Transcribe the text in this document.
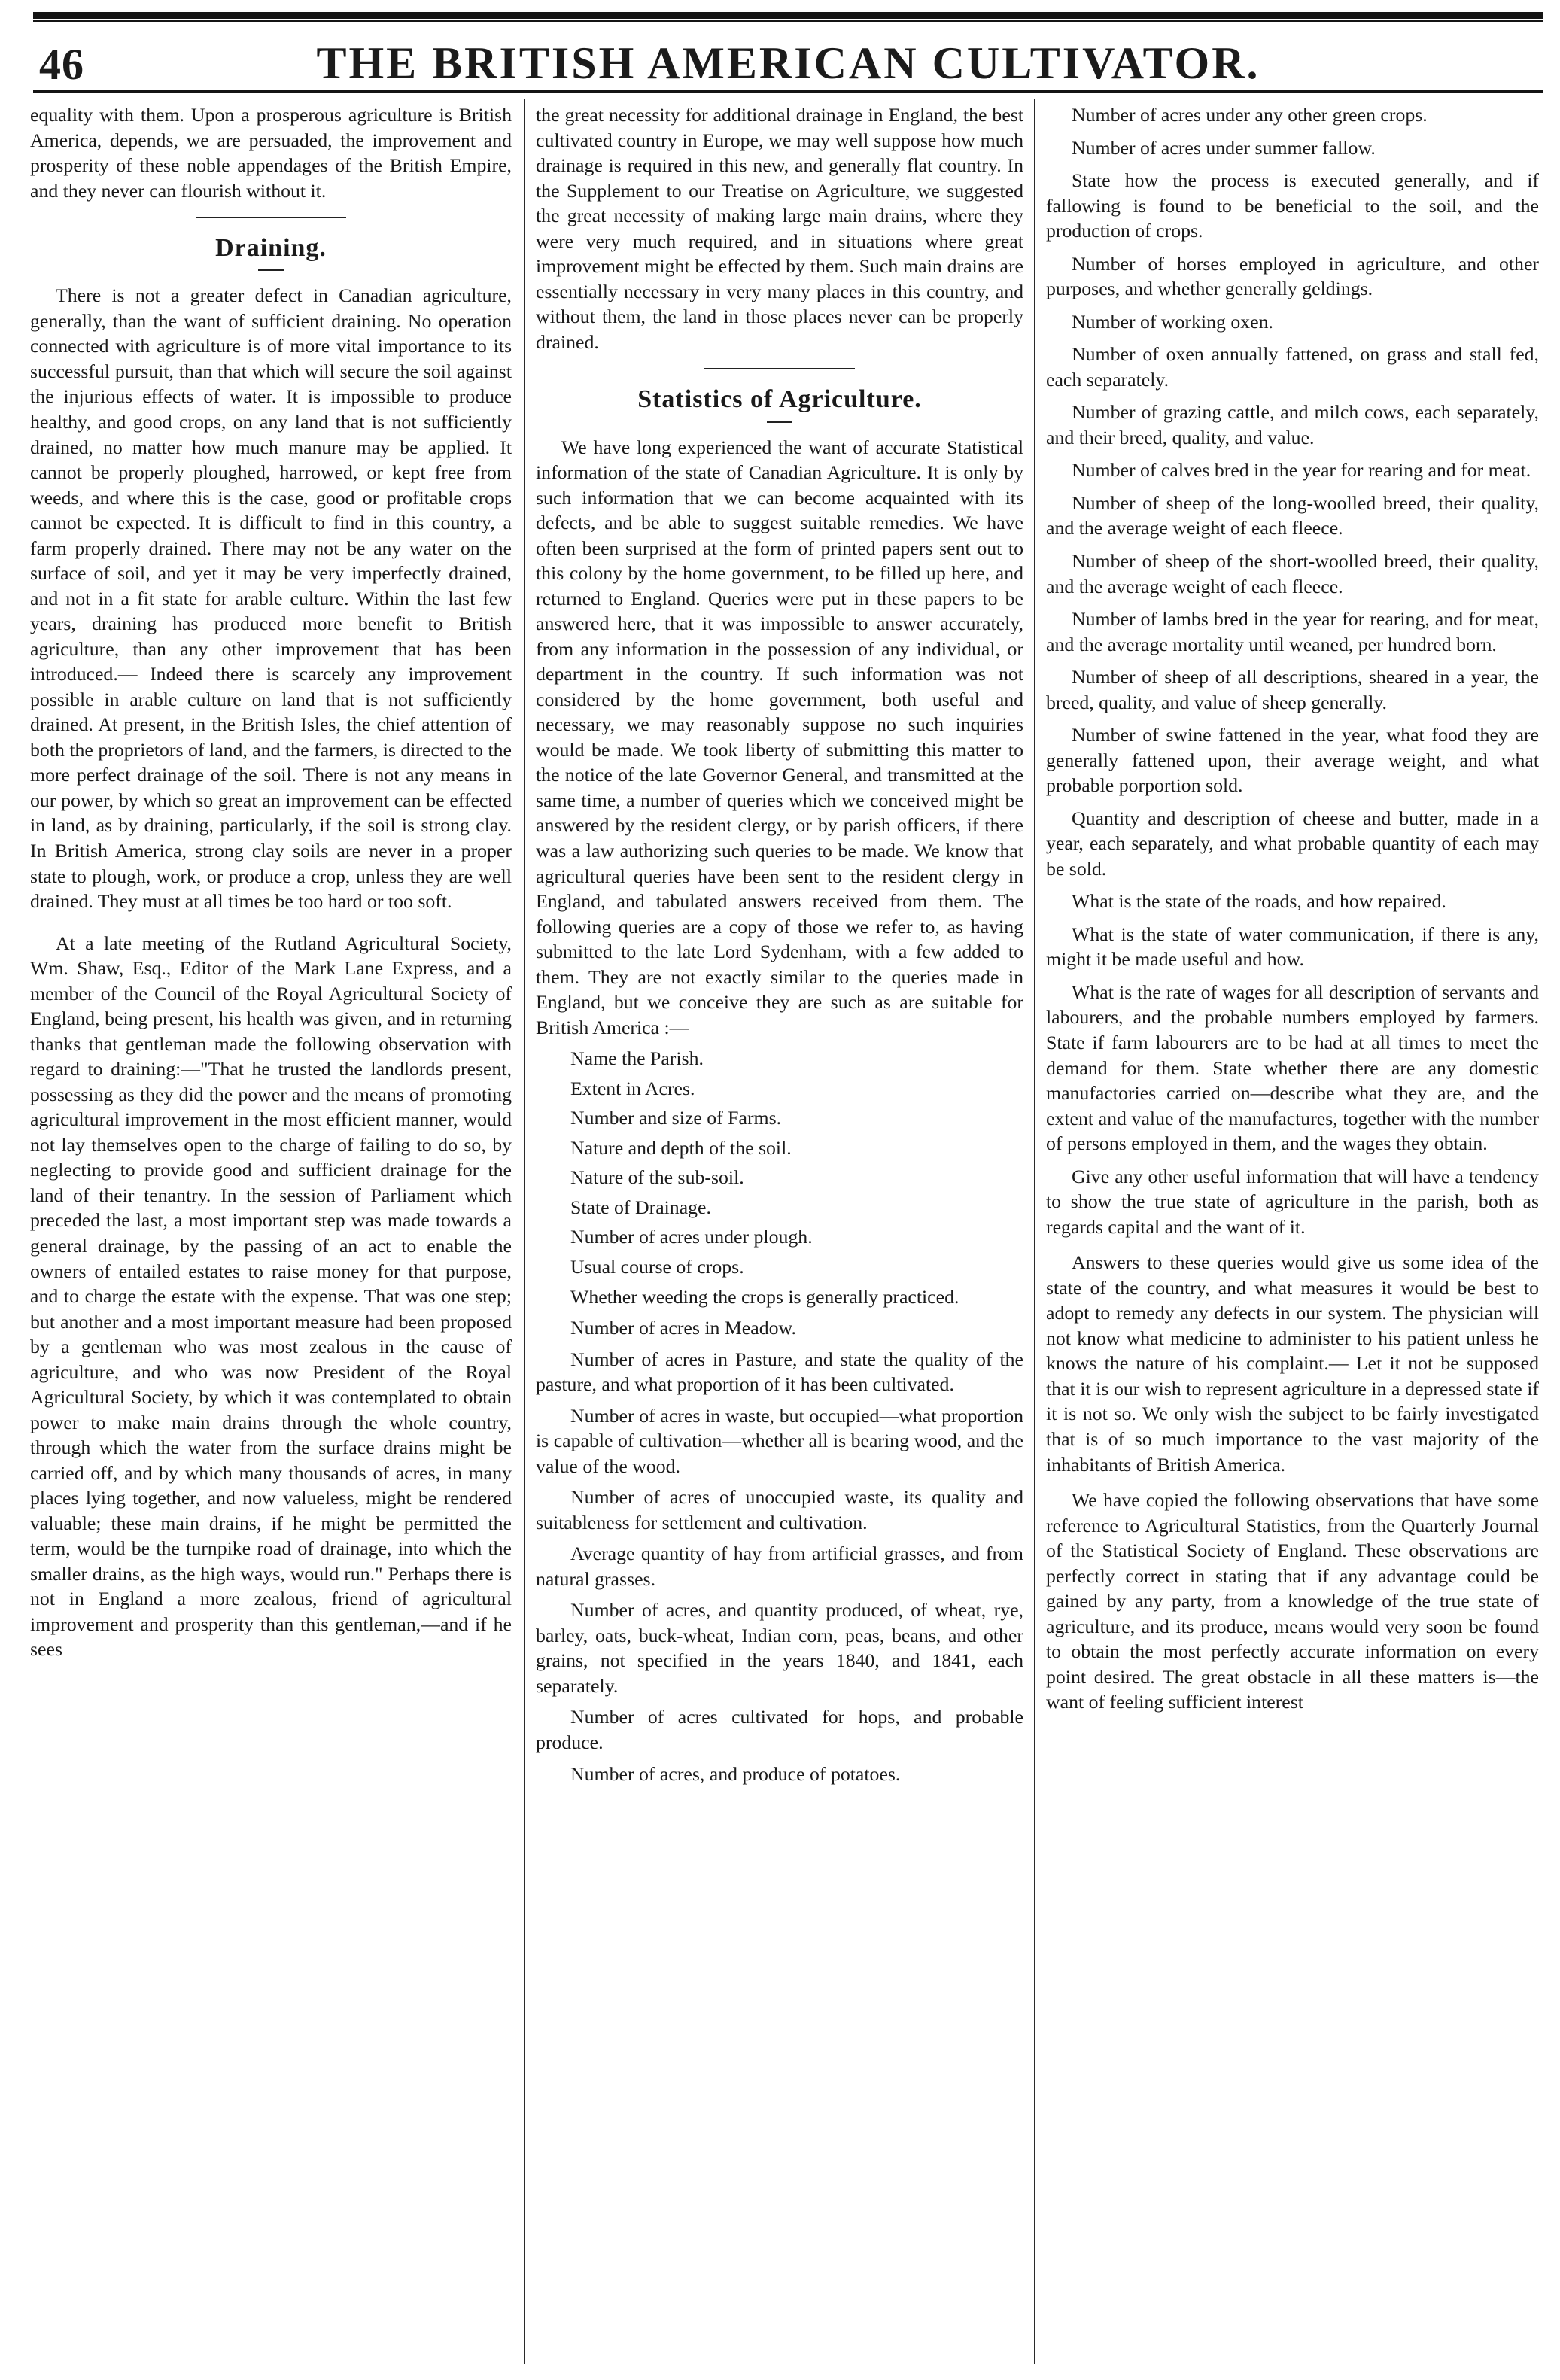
46	THE BRITISH AMERICAN CULTIVATOR.

equality with them. Upon a prosperous agriculture is British America, depends, we are persuaded, the improvement and prosperity of these noble appendages of the British Empire, and they never can flourish without it.

Draining.

There is not a greater defect in Canadian agriculture, generally, than the want of sufficient draining. No operation connected with agriculture is of more vital importance to its successful pursuit, than that which will secure the soil against the injurious effects of water. It is impossible to produce healthy, and good crops, on any land that is not sufficiently drained, no matter how much manure may be applied. It cannot be properly ploughed, harrowed, or kept free from weeds, and where this is the case, good or profitable crops cannot be expected. It is difficult to find in this country, a farm properly drained. There may not be any water on the surface of soil, and yet it may be very imperfectly drained, and not in a fit state for arable culture. Within the last few years, draining has produced more benefit to British agriculture, than any other improvement that has been introduced.— Indeed there is scarcely any improvement possible in arable culture on land that is not sufficiently drained. At present, in the British Isles, the chief attention of both the proprietors of land, and the farmers, is directed to the more perfect drainage of the soil. There is not any means in our power, by which so great an improvement can be effected in land, as by draining, particularly, if the soil is strong clay. In British America, strong clay soils are never in a proper state to plough, work, or produce a crop, unless they are well drained. They must at all times be too hard or too soft.

At a late meeting of the Rutland Agricultural Society, Wm. Shaw, Esq., Editor of the Mark Lane Express, and a member of the Council of the Royal Agricultural Society of England, being present, his health was given, and in returning thanks that gentleman made the following observation with regard to draining:—"That he trusted the landlords present, possessing as they did the power and the means of promoting agricultural improvement in the most efficient manner, would not lay themselves open to the charge of failing to do so, by neglecting to provide good and sufficient drainage for the land of their tenantry. In the session of Parliament which preceded the last, a most important step was made towards a general drainage, by the passing of an act to enable the owners of entailed estates to raise money for that purpose, and to charge the estate with the expense. That was one step; but another and a most important measure had been proposed by a gentleman who was most zealous in the cause of agriculture, and who was now President of the Royal Agricultural Society, by which it was contemplated to obtain power to make main drains through the whole country, through which the water from the surface drains might be carried off, and by which many thousands of acres, in many places lying together, and now valueless, might be rendered valuable; these main drains, if he might be permitted the term, would be the turnpike road of drainage, into which the smaller drains, as the high ways, would run." Perhaps there is not in England a more zealous, friend of agricultural improvement and prosperity than this gentleman,—and if he sees

the great necessity for additional drainage in England, the best cultivated country in Europe, we may well suppose how much drainage is required in this new, and generally flat country. In the Supplement to our Treatise on Agriculture, we suggested the great necessity of making large main drains, where they were very much required, and in situations where great improvement might be effected by them. Such main drains are essentially necessary in very many places in this country, and without them, the land in those places never can be properly drained.

Statistics of Agriculture.

We have long experienced the want of accurate Statistical information of the state of Canadian Agriculture. It is only by such information that we can become acquainted with its defects, and be able to suggest suitable remedies. We have often been surprised at the form of printed papers sent out to this colony by the home government, to be filled up here, and returned to England. Queries were put in these papers to be answered here, that it was impossible to answer accurately, from any information in the possession of any individual, or department in the country. If such information was not considered by the home government, both useful and necessary, we may reasonably suppose no such inquiries would be made. We took liberty of submitting this matter to the notice of the late Governor General, and transmitted at the same time, a number of queries which we conceived might be answered by the resident clergy, or by parish officers, if there was a law authorizing such queries to be made. We know that agricultural queries have been sent to the resident clergy in England, and tabulated answers received from them. The following queries are a copy of those we refer to, as having submitted to the late Lord Sydenham, with a few added to them. They are not exactly similar to the queries made in England, but we conceive they are such as are suitable for British America :—

Name the Parish.
Extent in Acres.
Number and size of Farms.
Nature and depth of the soil.
Nature of the sub-soil.
State of Drainage.
Number of acres under plough.
Usual course of crops.
Whether weeding the crops is generally practiced.
Number of acres in Meadow.
Number of acres in Pasture, and state the quality of the pasture, and what proportion of it has been cultivated.
Number of acres in waste, but occupied—what proportion is capable of cultivation—whether all is bearing wood, and the value of the wood.
Number of acres of unoccupied waste, its quality and suitableness for settlement and cultivation.
Average quantity of hay from artificial grasses, and from natural grasses.
Number of acres, and quantity produced, of wheat, rye, barley, oats, buck-wheat, Indian corn, peas, beans, and other grains, not specified in the years 1840, and 1841, each separately.
Number of acres cultivated for hops, and probable produce.
Number of acres, and produce of potatoes.
Number of acres under any other green crops.
Number of acres under summer fallow.
State how the process is executed generally, and if fallowing is found to be beneficial to the soil, and the production of crops.
Number of horses employed in agriculture, and other purposes, and whether generally geldings.
Number of working oxen.
Number of oxen annually fattened, on grass and stall fed, each separately.
Number of grazing cattle, and milch cows, each separately, and their breed, quality, and value.
Number of calves bred in the year for rearing and for meat.
Number of sheep of the long-woolled breed, their quality, and the average weight of each fleece.
Number of sheep of the short-woolled breed, their quality, and the average weight of each fleece.
Number of lambs bred in the year for rearing, and for meat, and the average mortality until weaned, per hundred born.
Number of sheep of all descriptions, sheared in a year, the breed, quality, and value of sheep generally.
Number of swine fattened in the year, what food they are generally fattened upon, their average weight, and what probable porportion sold.
Quantity and description of cheese and butter, made in a year, each separately, and what probable quantity of each may be sold.
What is the state of the roads, and how repaired.
What is the state of water communication, if there is any, might it be made useful and how.
What is the rate of wages for all description of servants and labourers, and the probable numbers employed by farmers. State if farm labourers are to be had at all times to meet the demand for them. State whether there are any domestic manufactories carried on—describe what they are, and the extent and value of the manufactures, together with the number of persons employed in them, and the wages they obtain.
Give any other useful information that will have a tendency to show the true state of agriculture in the parish, both as regards capital and the want of it.

Answers to these queries would give us some idea of the state of the country, and what measures it would be best to adopt to remedy any defects in our system. The physician will not know what medicine to administer to his patient unless he knows the nature of his complaint.— Let it not be supposed that it is our wish to represent agriculture in a depressed state if it is not so. We only wish the subject to be fairly investigated that is of so much importance to the vast majority of the inhabitants of British America.

We have copied the following observations that have some reference to Agricultural Statistics, from the Quarterly Journal of the Statistical Society of England. These observations are perfectly correct in stating that if any advantage could be gained by any party, from a knowledge of the true state of agriculture, and its produce, means would very soon be found to obtain the most perfectly accurate information on every point desired. The great obstacle in all these matters is—the want of feeling sufficient interest
